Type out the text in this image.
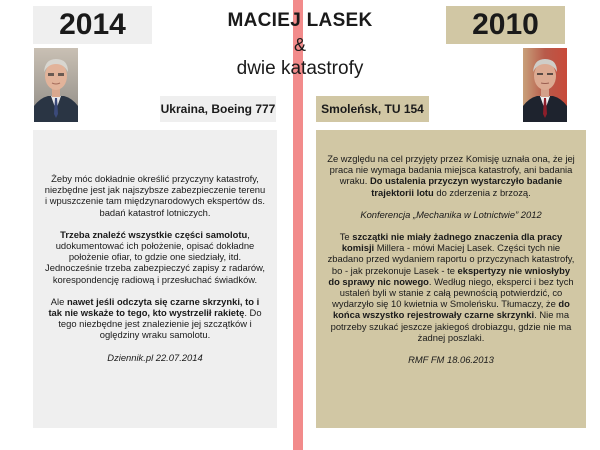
2014	2010
MACIEJ LASEK
&
dwie katastrofy
Ukraina, Boeing 777	Smoleńsk, TU 154

Żeby móc dokładnie określić przyczyny katastrofy, niezbędne jest jak najszybsze zabezpieczenie terenu i wpuszczenie tam międzynarodowych ekspertów ds. badań katastrof lotniczych.

Trzeba znaleźć wszystkie części samolotu, udokumentować ich położenie, opisać dokładne położenie ofiar, to gdzie one siedziały, itd. Jednocześnie trzeba zabezpieczyć zapisy z radarów, korespondencję radiową i przesłuchać świadków.

Ale nawet jeśli odczyta się czarne skrzynki, to i tak nie wskaże to tego, kto wystrzelił rakietę. Do tego niezbędne jest znalezienie jej szczątków i oględziny wraku samolotu.

Dziennik.pl 22.07.2014

Ze względu na cel przyjęty przez Komisję uznała ona, że jej praca nie wymaga badania miejsca katastrofy, ani badania wraku. Do ustalenia przyczyn wystarczyło badanie trajektorii lotu do zderzenia z brzozą.

Konferencja „Mechanika w Lotnictwie” 2012

Te szczątki nie miały żadnego znaczenia dla pracy komisji Millera - mówi Maciej Lasek. Części tych nie zbadano przed wydaniem raportu o przyczynach katastrofy, bo - jak przekonuje Lasek - te ekspertyzy nie wniosłyby do sprawy nic nowego. Według niego, eksperci i bez tych ustaleń byli w stanie z całą pewnością potwierdzić, co wydarzyło się 10 kwietnia w Smoleńsku. Tłumaczy, że do końca wszystko rejestrowały czarne skrzynki. Nie ma potrzeby szukać jeszcze jakiegoś drobiazgu, gdzie nie ma żadnej poszlaki.

RMF FM 18.06.2013
